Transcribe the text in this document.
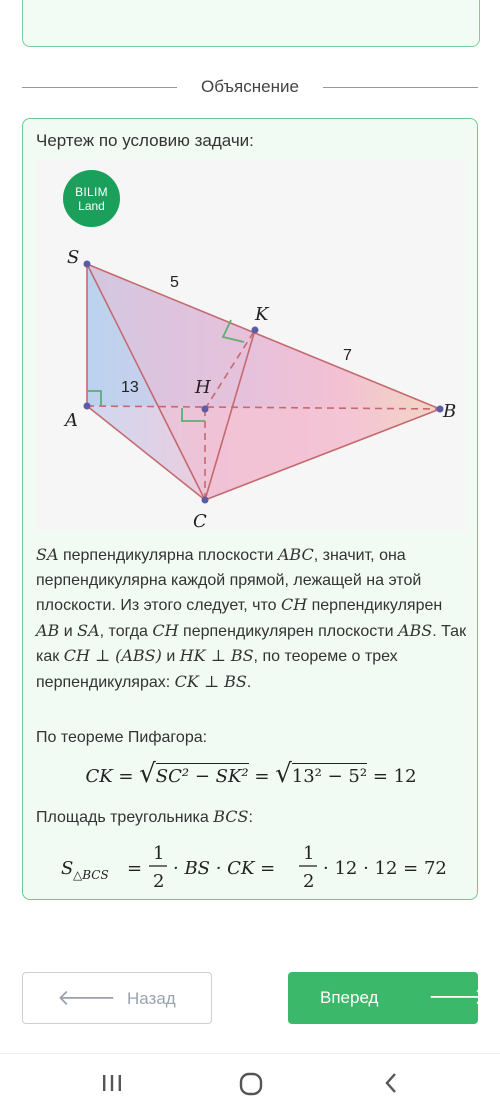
Объяснение
Чертеж по условию задачи:
S
A
H
K
B
C
5
7
13
BILIM
Land
SA перпендикулярна плоскости ABC, значит, она перпендикулярна каждой прямой, лежащей на этой плоскости. Из этого следует, что CH перпендикулярен AB и SA, тогда CH перпендикулярен плоскости ABS. Так как CH ⊥ (ABS) и HK ⊥ BS, по теореме о трех перпендикулярах: CK ⊥ BS.
По теореме Пифагора:
CK = √SC² − SK² = √13² − 5² = 12
Площадь треугольника BCS:
S △BCS =
1
2
· BS · CK =
1
2
· 12 · 12 = 72
🡐 Назад	Вперед 🡒
